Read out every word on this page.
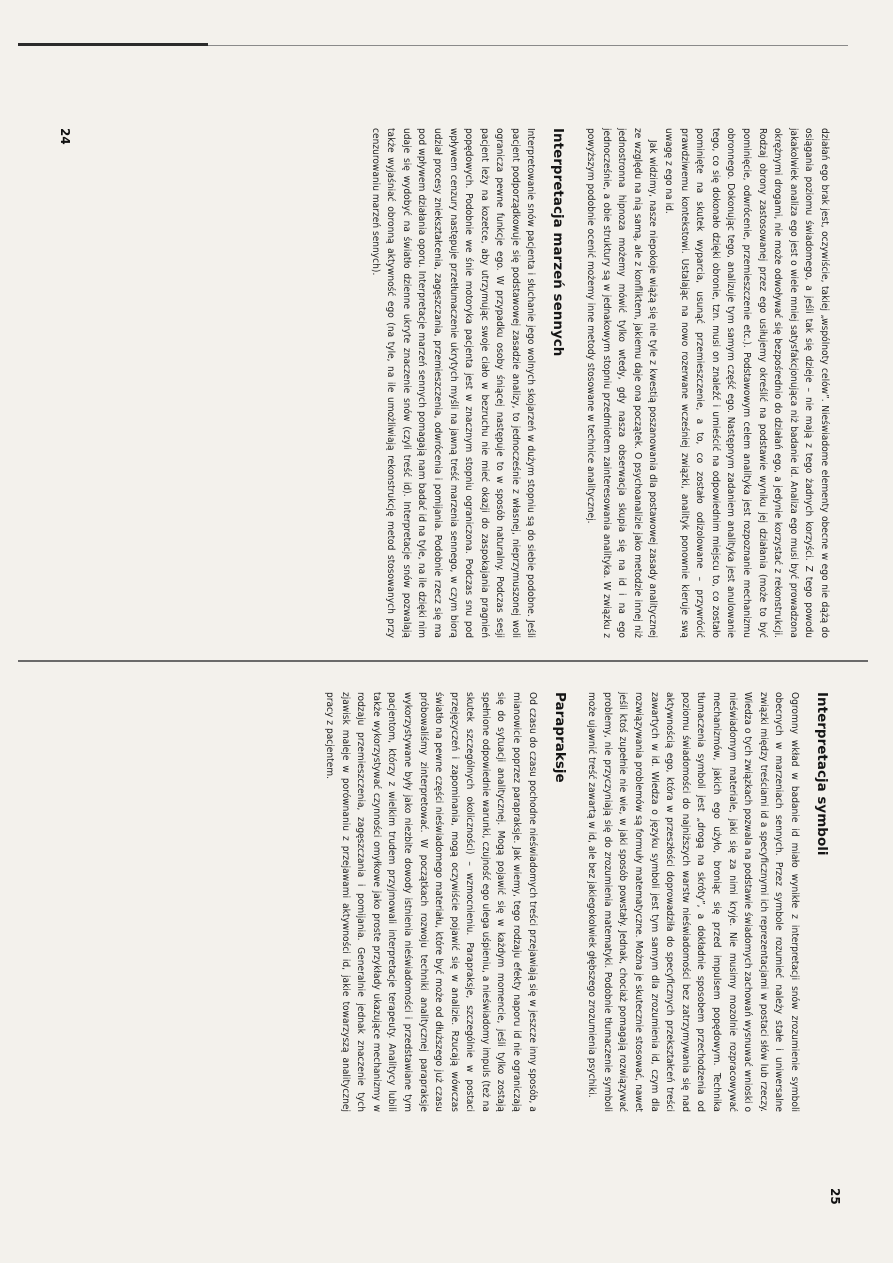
działań ego brak jest, oczywiście, takiej „wspólnoty celów”. Nieświadome elementy obecne w ego nie dążą do osiągania poziomu świadomego, a jeśli tak się dzieje – nie mają z tego żadnych korzyści. Z tego powodu jakakolwiek analiza ego jest o wiele mniej satysfakcjonująca niż badanie id. Analiza ego musi być prowadzona okrężnymi drogami, nie może odwoływać się bezpośrednio do działań ego, a jedynie korzystać z rekonstrukcji. Rodzaj obrony zastosowanej przez ego usiłujemy określić na podstawie wyniku jej działania (może to być pominięcie, odwrócenie, przemieszczenie etc.). Podstawowym celem analityka jest rozpoznanie mechanizmu obronnego. Dokonując tego, analizuje tym samym część ego. Następnym zadaniem analityka jest anulowanie tego, co się dokonało dzięki obronie, tzn. musi on znaleźć i umieścić na odpowiednim miejscu to, co zostało pominięte na skutek wyparcia, usunąć przemieszczenie, a to, co zostało odizolowane – przywrócić prawdziwemu kontekstowi. Ustalając na nowo rozerwane wcześniej związki, analityk ponownie kieruje swą uwagę z ego na id.

Jak widzimy, nasze niepokoje wiążą się nie tyle z kwestią poszanowania dla postawowej zasady analitycznej ze względu na nią samą, ale z konfliktem, jakiemu daje ona początek. O psychoanalizie jako metodzie innej niż jednostronna hipnoza możemy mówić tylko wtedy, gdy nasza obserwacja skupia się na id i na ego jednocześnie, a obie struktury są w jednakowym stopniu przedmiotem zainteresowania analityka. W związku z powyższym podobnie ocenić możemy inne metody stosowane w technice analitycznej.

Interpretacja marzeń sennych

Interpretowanie snów pacjenta i słuchanie jego wolnych skojarzeń w dużym stopniu są do siebie podobne. Jeśli pacjent podporządkowuje się podstawowej zasadzie analizy, to jednocześnie z własnej, nieprzymuszonej woli ogranicza pewne funkcje ego. W przypadku osoby śniącej następuje to w sposób naturalny. Podczas sesji pacjent leży na kozetce, aby utrzymując swoje ciało w bezruchu nie mieć okazji do zaspokajania pragnień popędowych. Podobnie we śnie motoryka pacjenta jest w znacznym stopniu ograniczona. Podczas snu pod wpływem cenzury następuje przetłumaczenie ukrytych myśli na jawną treść marzenia sennego, w czym biorą udział procesy zniekształcenia, zagęszczania, przemieszczenia, odwrócenia i pomijania. Podobnie rzecz się ma pod wpływem działania oporu. Interpretacje marzeń sennych pomagają nam badać id na tyle, na ile dzięki nim udaje się wydobyć na światło dzienne ukryte znaczenie snów (czyli treść id). Interpretacje snów pozwalają także wyjaśniać obronną aktywność ego (na tyle, na ile umożliwiają rekonstrukcję metod stosowanych przy cenzurowaniu marzeń sennych).

24
Interpretacja symboli

Ogromny wkład w badanie id miało wynikłe z interpretacji snów zrozumienie symboli obecnych w marzeniach sennych. Przez symbole rozumieć należy stałe i uniwersalne związki między treściami id a specyficznymi ich reprezentacjami w postaci słów lub rzeczy. Wiedza o tych związkach pozwala na podstawie świadomych zachowań wysnuwać wnioski o nieświadomym materiale, jaki się za nimi kryje. Nie musimy mozolnie rozpracowywać mechanizmów, jakich ego użyło, broniąc się przed impulsem popędowym. Technika tłumaczenia symboli jest „drogą na skróty”, a dokładnie sposobem przechodzenia od poziomu świadomości do najniższych warstw nieświadomości bez zatrzymywania się nad aktywnością ego, która w przeszłości doprowadziła do specyficznych przekształceń treści zawartych w id. Wiedza o języku symboli jest tym samym dla zrozumienia id, czym dla rozwiązywania problemów są formuły matematyczne. Można je skutecznie stosować, nawet jeśli ktoś zupełnie nie wie, w jaki sposób powstały. Jednak, chociaż pomagają rozwiązywać problemy, nie przyczyniają się do zrozumienia matematyki. Podobnie tłumaczenie symboli może ujawnić treść zawartą w id, ale bez jakiegokolwiek głębszego zrozumienia psychiki.

Parapraksje

Od czasu do czasu pochodne nieświadomych treści przejawiają się w jeszcze inny sposób, a mianowicie poprzez parapraksje. Jak wiemy, tego rodzaju efekty naporu id nie ograniczają się do sytuacji analitycznej. Mogą pojawić się w każdym momencie, jeśli tylko zostają spełnione odpowiednie warunki, czujność ego ulega uśpieniu, a nieświadomy impuls (też na skutek szczególnych okoliczności) – wzmocnieniu. Parapraksje, szczególnie w postaci przejęzyczeń i zapominania, mogą oczywiście pojawić się w analizie. Rzucają wówczas światło na pewne części nieświadomego materiału, które być może od dłuższego już czasu próbowaliśmy zinterpretować. W początkach rozwoju techniki analitycznej parapraksje wykorzystywane były jako niezbite dowody istnienia nieświadomości i przedstawiane tym pacjentom, którzy z wielkim trudem przyjmowali interpretacje terapeuty. Analitycy lubili także wykorzystywać czynności omyłkowe jako proste przykłady ukazujące mechanizmy w rodzaju przemieszczenia, zagęszczania i pomijania. Generalnie jednak znaczenie tych zjawisk maleje w porównaniu z przejawami aktywności id, jakie towarzyszą analitycznej pracy z pacjentem.

25
